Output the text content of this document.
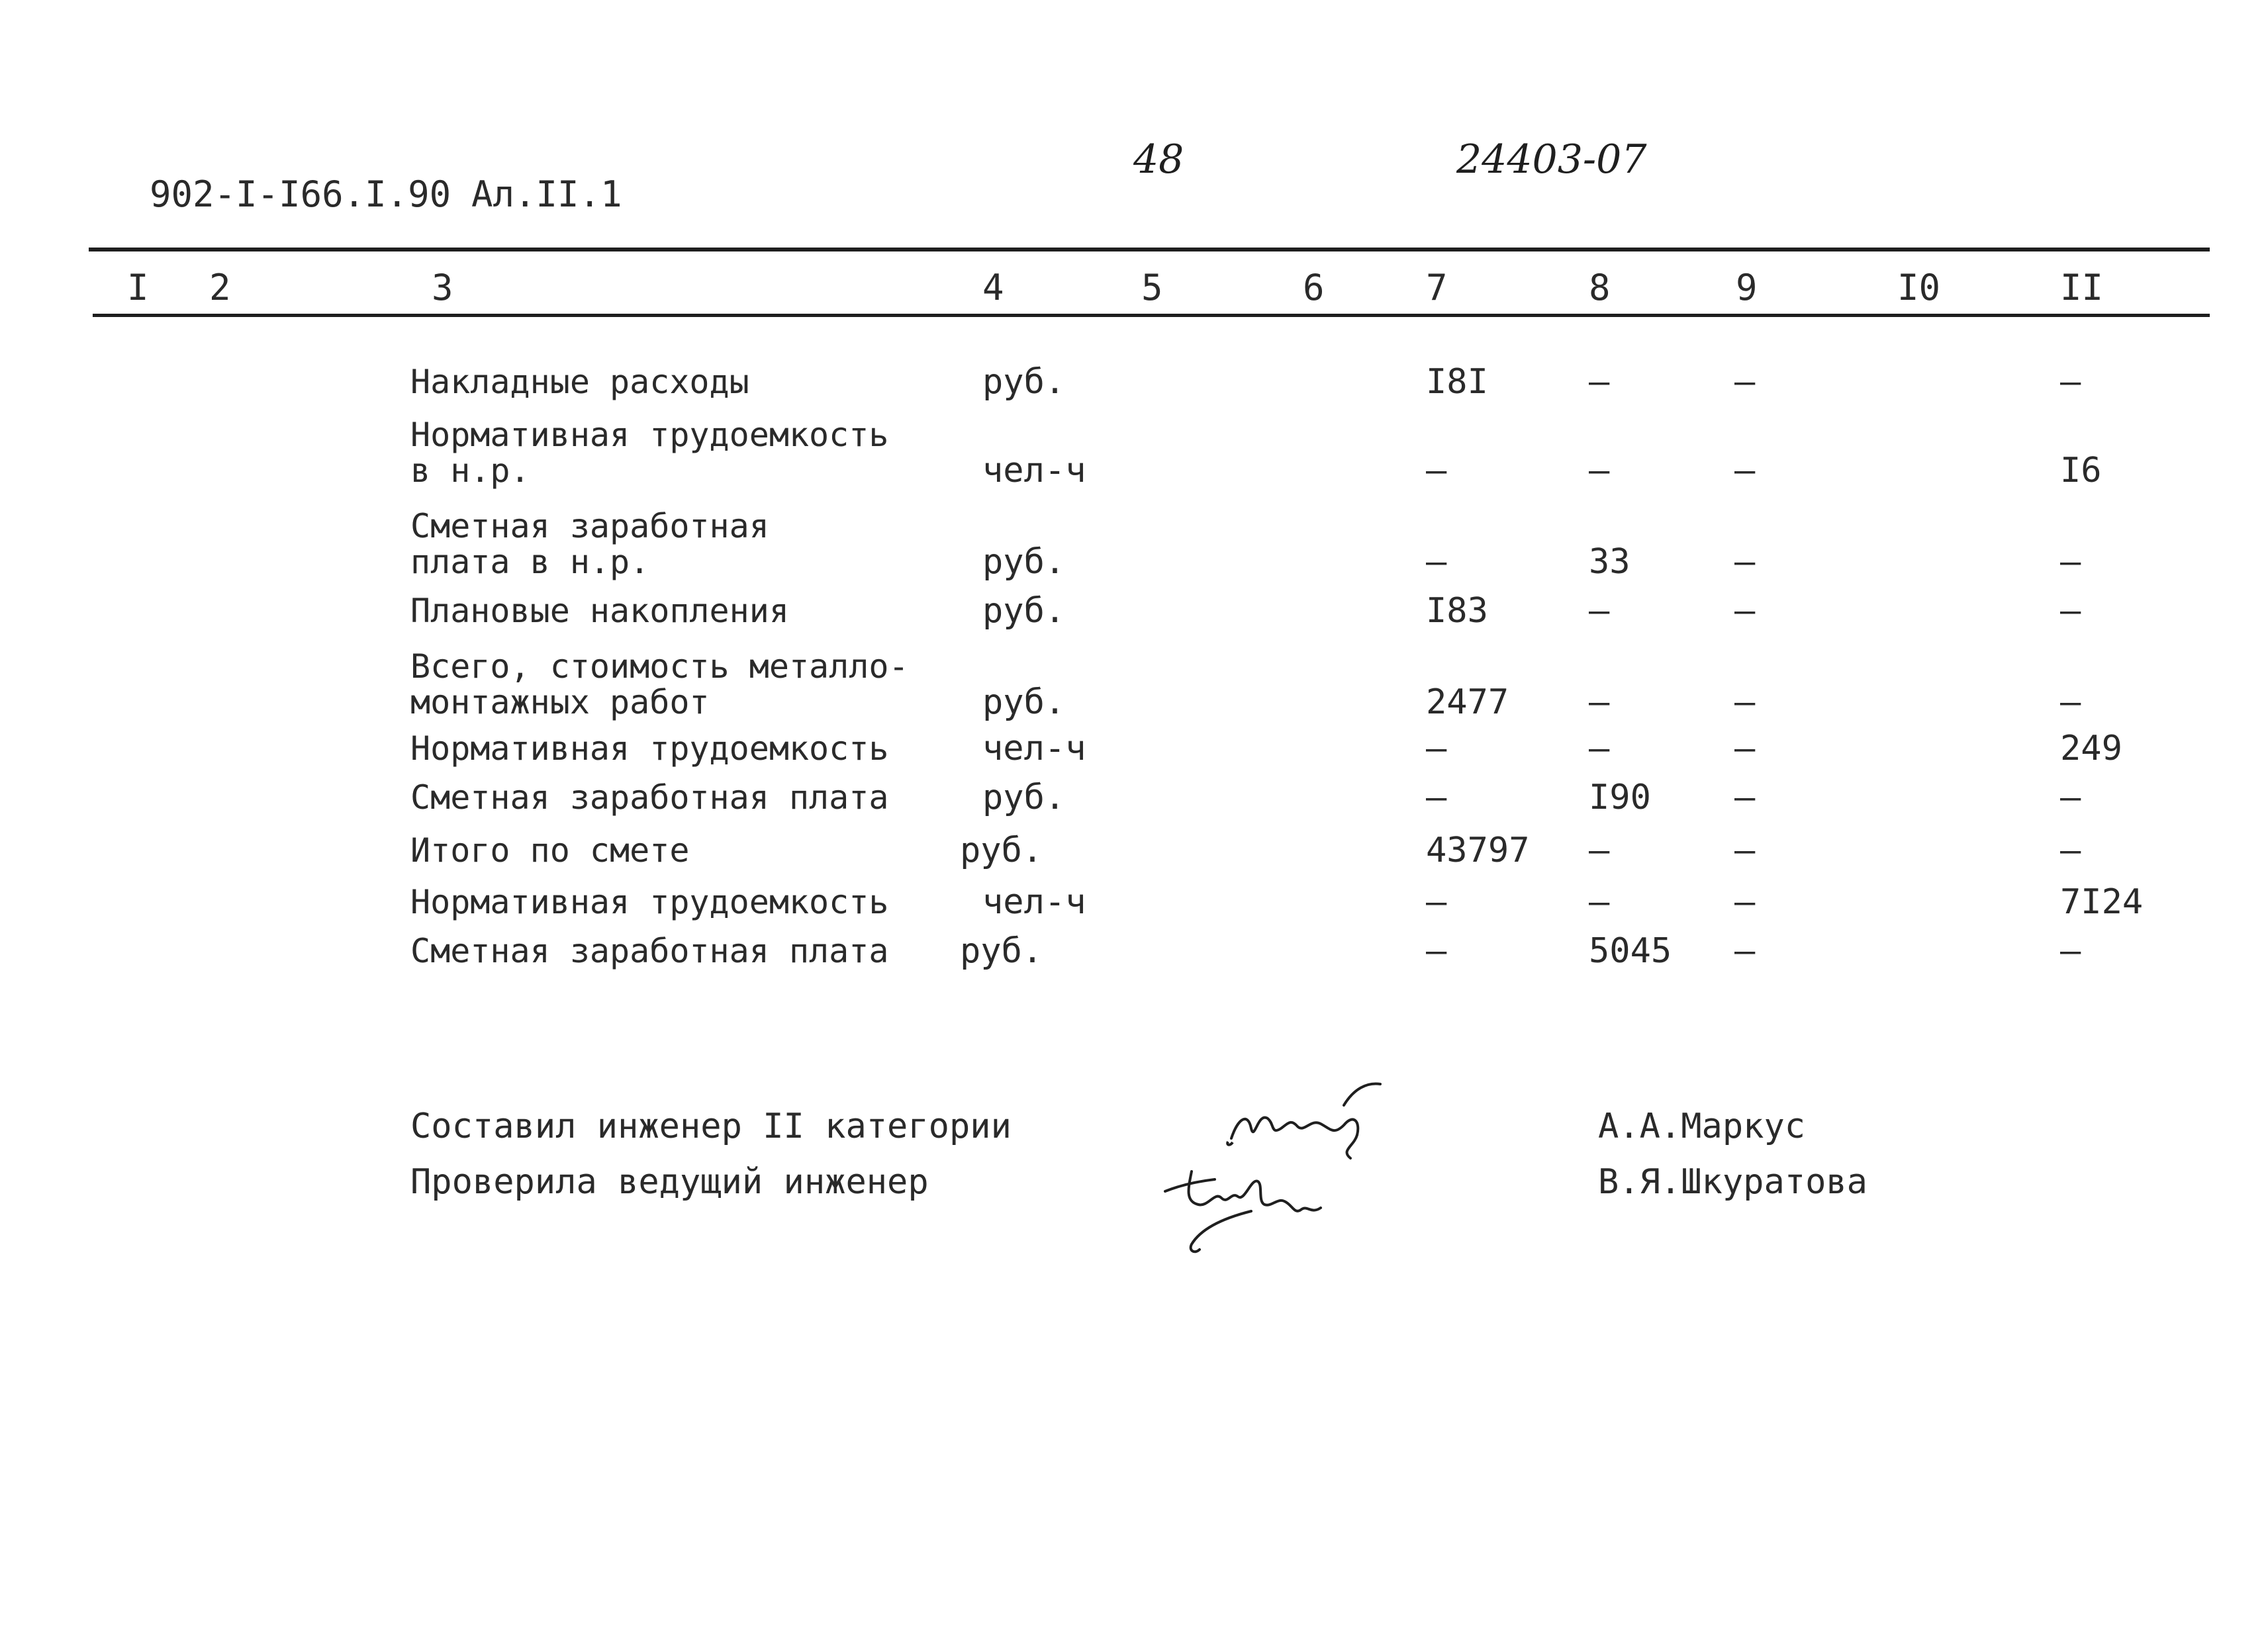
902-I-I66.I.90 Ал.II.1
48	24403-07
I 2	3	4	5	6	7	8	9	I0	II
Накладные расходы	руб.	I8I	–	–	–
Нормативная трудоемкость
в н.р.	чел-ч	–	–	–	I6
Сметная заработная
плата в н.р.	руб.	–	33	–	–
Плановые накопления	руб.	I83	–	–	–
Всего, стоимость металло-
монтажных работ	руб.	2477 –	–	–
Нормативная трудоемкость	чел-ч	–	–	–	249
Сметная заработная плата	руб.	–	I90 –	–
Итого по смете	руб.	43797 –	–	–
Нормативная трудоемкость	чел-ч	–	–	–	7I24
Сметная заработная плата руб.	–	5045 –	–
Составил инженер II категории	А.А.Маркус
Проверила ведущий инженер	В.Я.Шкуратова
